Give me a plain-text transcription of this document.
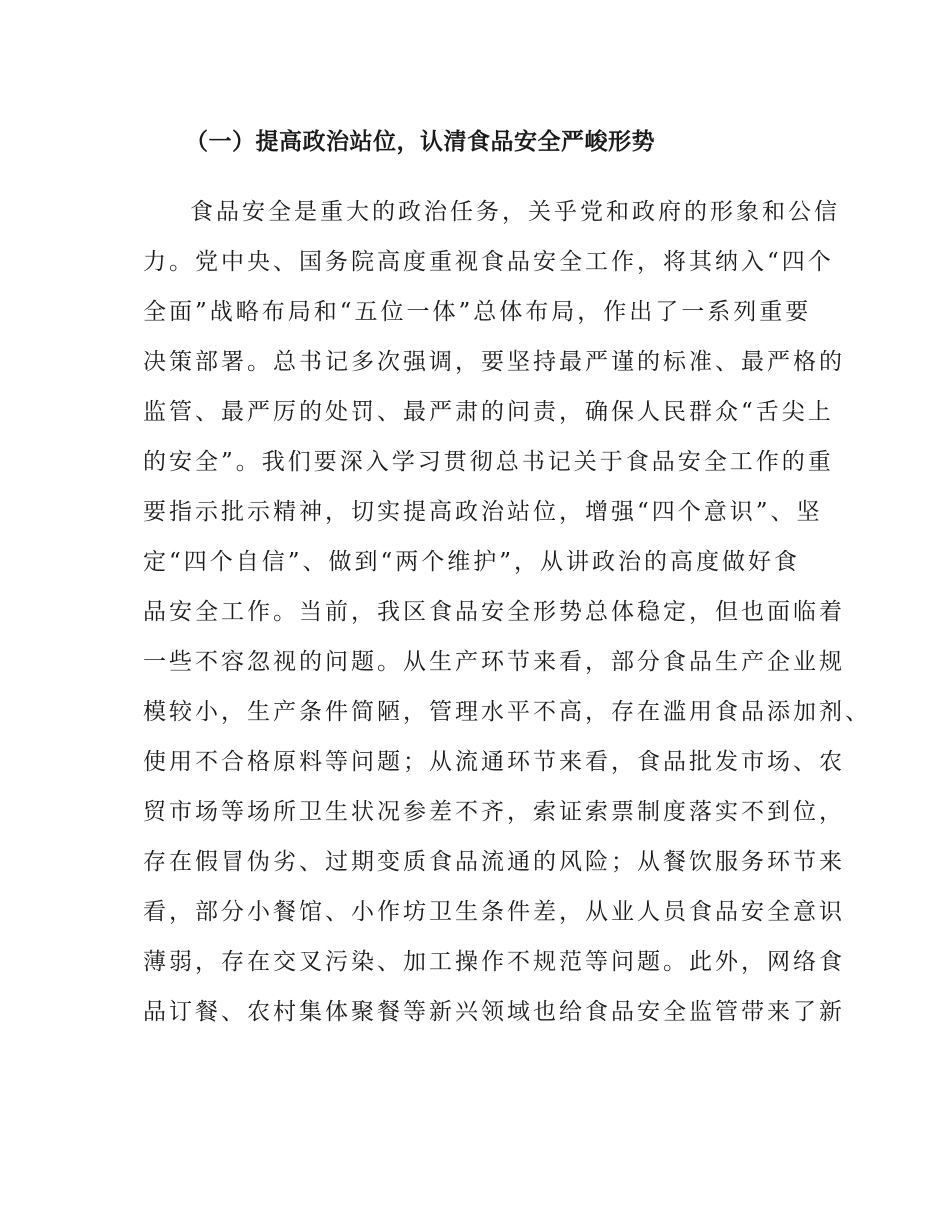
（一）提高政治站位，认清食品安全严峻形势
食品安全是重大的政治任务，关乎党和政府的形象和公信
力。党中央、国务院高度重视食品安全工作，将其纳入“四个
全面”战略布局和“五位一体”总体布局，作出了一系列重要
决策部署。总书记多次强调，要坚持最严谨的标准、最严格的
监管、最严厉的处罚、最严肃的问责，确保人民群众“舌尖上
的安全”。我们要深入学习贯彻总书记关于食品安全工作的重
要指示批示精神，切实提高政治站位，增强“四个意识”、坚
定“四个自信”、做到“两个维护”，从讲政治的高度做好食
品安全工作。当前，我区食品安全形势总体稳定，但也面临着
一些不容忽视的问题。从生产环节来看，部分食品生产企业规
模较小，生产条件简陋，管理水平不高，存在滥用食品添加剂、
使用不合格原料等问题；从流通环节来看，食品批发市场、农
贸市场等场所卫生状况参差不齐，索证索票制度落实不到位，
存在假冒伪劣、过期变质食品流通的风险；从餐饮服务环节来
看，部分小餐馆、小作坊卫生条件差，从业人员食品安全意识
薄弱，存在交叉污染、加工操作不规范等问题。此外，网络食
品订餐、农村集体聚餐等新兴领域也给食品安全监管带来了新
